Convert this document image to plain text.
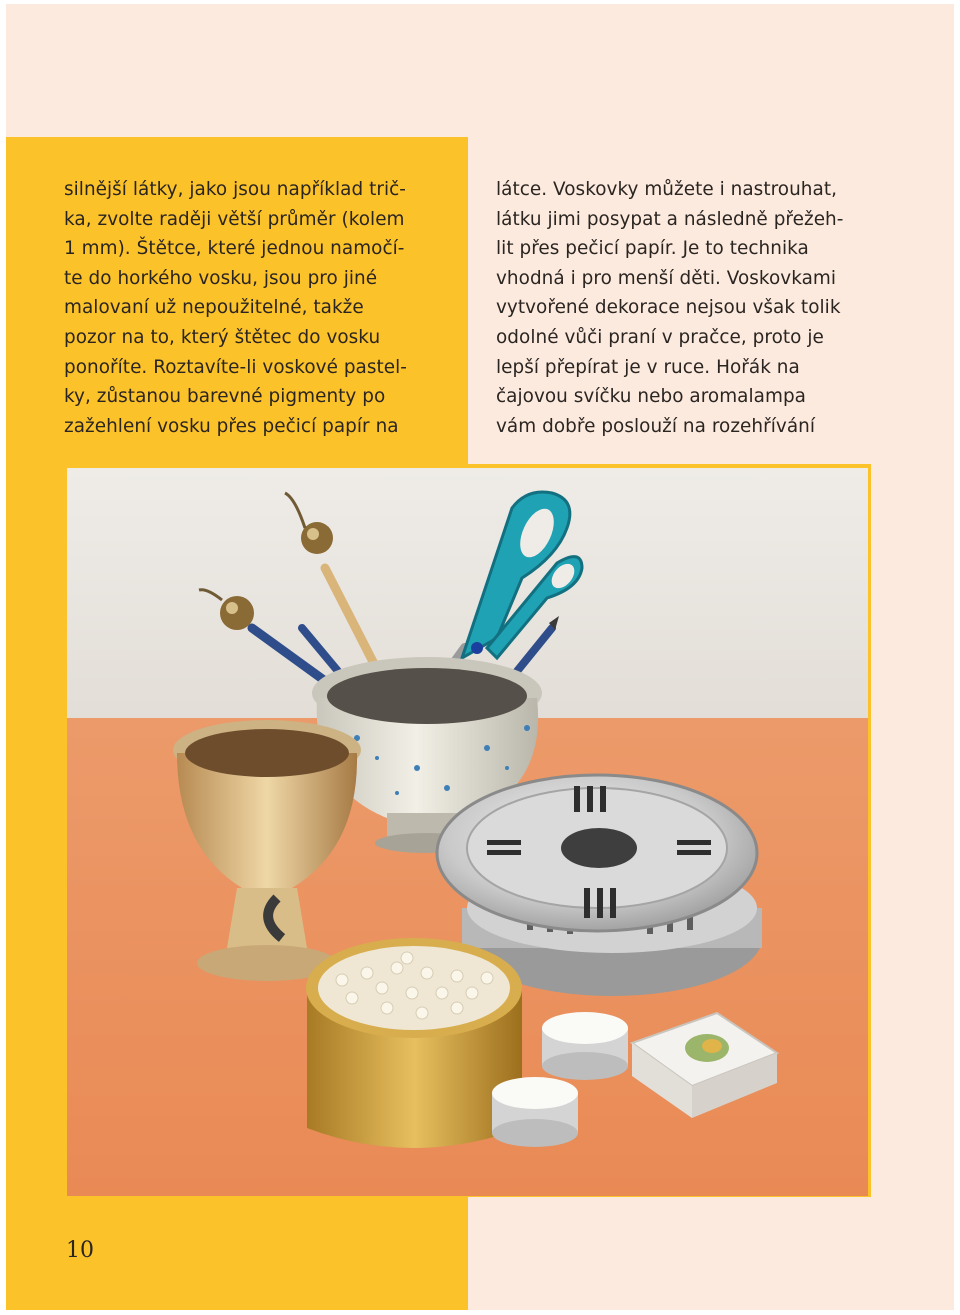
silnější látky, jako jsou například trič-
ka, zvolte raději větší průměr (kolem
1 mm). Štětce, které jednou namočí-
te do horkého vosku, jsou pro jiné
malovaní už nepoužitelné, takže
pozor na to, který štětec do vosku
ponoříte. Roztavíte-li voskové pastel-
ky, zůstanou barevné pigmenty po
zažehlení vosku přes pečicí papír na
látce. Voskovky můžete i nastrouhat,
látku jimi posypat a následně přežeh-
lit přes pečicí papír. Je to technika
vhodná i pro menší děti. Voskovkami
vytvořené dekorace nejsou však tolik
odolné vůči praní v pračce, proto je
lepší přepírat je v ruce. Hořák na
čajovou svíčku nebo aromalampa
vám dobře poslouží na rozehřívání
10
